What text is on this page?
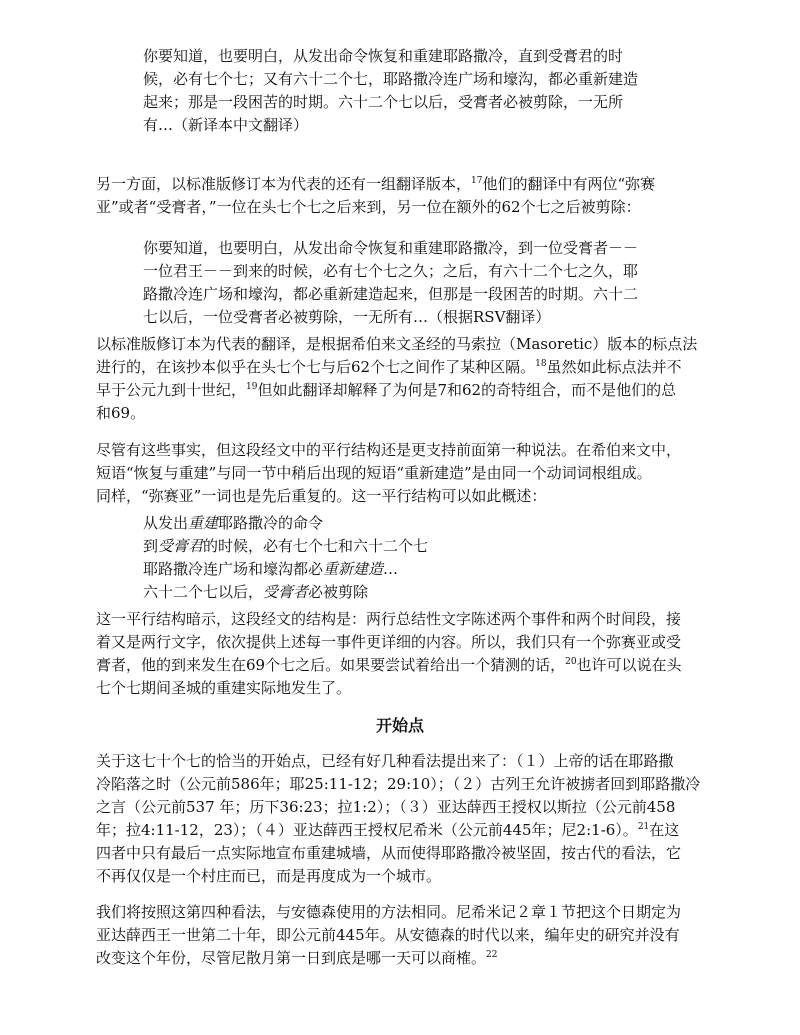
你要知道，也要明白，从发出命令恢复和重建耶路撒冷，直到受膏君的时
候，必有七个七；又有六十二个七，耶路撒冷连广场和壕沟，都必重新建造
起来；那是一段困苦的时期。六十二个七以后，受膏者必被剪除，一无所
有…（新译本中文翻译）
另一方面，以标准版修订本为代表的还有一组翻译版本，$^{17}$他们的翻译中有两位“弥赛
亚”或者“受膏者，”一位在头七个七之后来到，另一位在额外的62个七之后被剪除：
你要知道，也要明白，从发出命令恢复和重建耶路撒冷，到一位受膏者－－
一位君王－－到来的时候，必有七个七之久；之后，有六十二个七之久，耶
路撒冷连广场和壕沟，都必重新建造起来，但那是一段困苦的时期。六十二
七以后，一位受膏者必被剪除，一无所有…（根据RSV翻译）
以标准版修订本为代表的翻译，是根据希伯来文圣经的马索拉（Masoretic）版本的标点法
进行的，在该抄本似乎在头七个七与后62个七之间作了某种区隔。$^{18}$虽然如此标点法并不
早于公元九到十世纪，$^{19}$但如此翻译却解释了为何是7和62的奇特组合，而不是他们的总
和69。
尽管有这些事实，但这段经文中的平行结构还是更支持前面第一种说法。在希伯来文中，
短语“恢复与重建”与同一节中稍后出现的短语“重新建造”是由同一个动词词根组成。
同样，“弥赛亚”一词也是先后重复的。这一平行结构可以如此概述：
从发出重建耶路撒冷的命令
到受膏君的时候，必有七个七和六十二个七
耶路撒冷连广场和壕沟都必重新建造…
六十二个七以后，受膏者必被剪除
这一平行结构暗示，这段经文的结构是：两行总结性文字陈述两个事件和两个时间段，接
着又是两行文字，依次提供上述每一事件更详细的内容。所以，我们只有一个弥赛亚或受
膏者，他的到来发生在69个七之后。如果要尝试着给出一个猜测的话，$^{20}$也许可以说在头
七个七期间圣城的重建实际地发生了。
开始点
关于这七十个七的恰当的开始点，已经有好几种看法提出来了：（１）上帝的话在耶路撒
冷陷落之时（公元前586年；耶25:11-12；29:10）；（２）古列王允许被掳者回到耶路撒冷
之言（公元前537 年；历下36:23；拉1:2）；（３）亚达薛西王授权以斯拉（公元前458
年；拉4:11-12，23）；（４）亚达薛西王授权尼希米（公元前445年；尼2:1-6）。$^{21}$在这
四者中只有最后一点实际地宣布重建城墙，从而使得耶路撒冷被坚固，按古代的看法，它
不再仅仅是一个村庄而已，而是再度成为一个城市。
我们将按照这第四种看法，与安德森使用的方法相同。尼希米记２章１节把这个日期定为
亚达薛西王一世第二十年，即公元前445年。从安德森的时代以来，编年史的研究并没有
改变这个年份，尽管尼散月第一日到底是哪一天可以商榷。$^{22}$
